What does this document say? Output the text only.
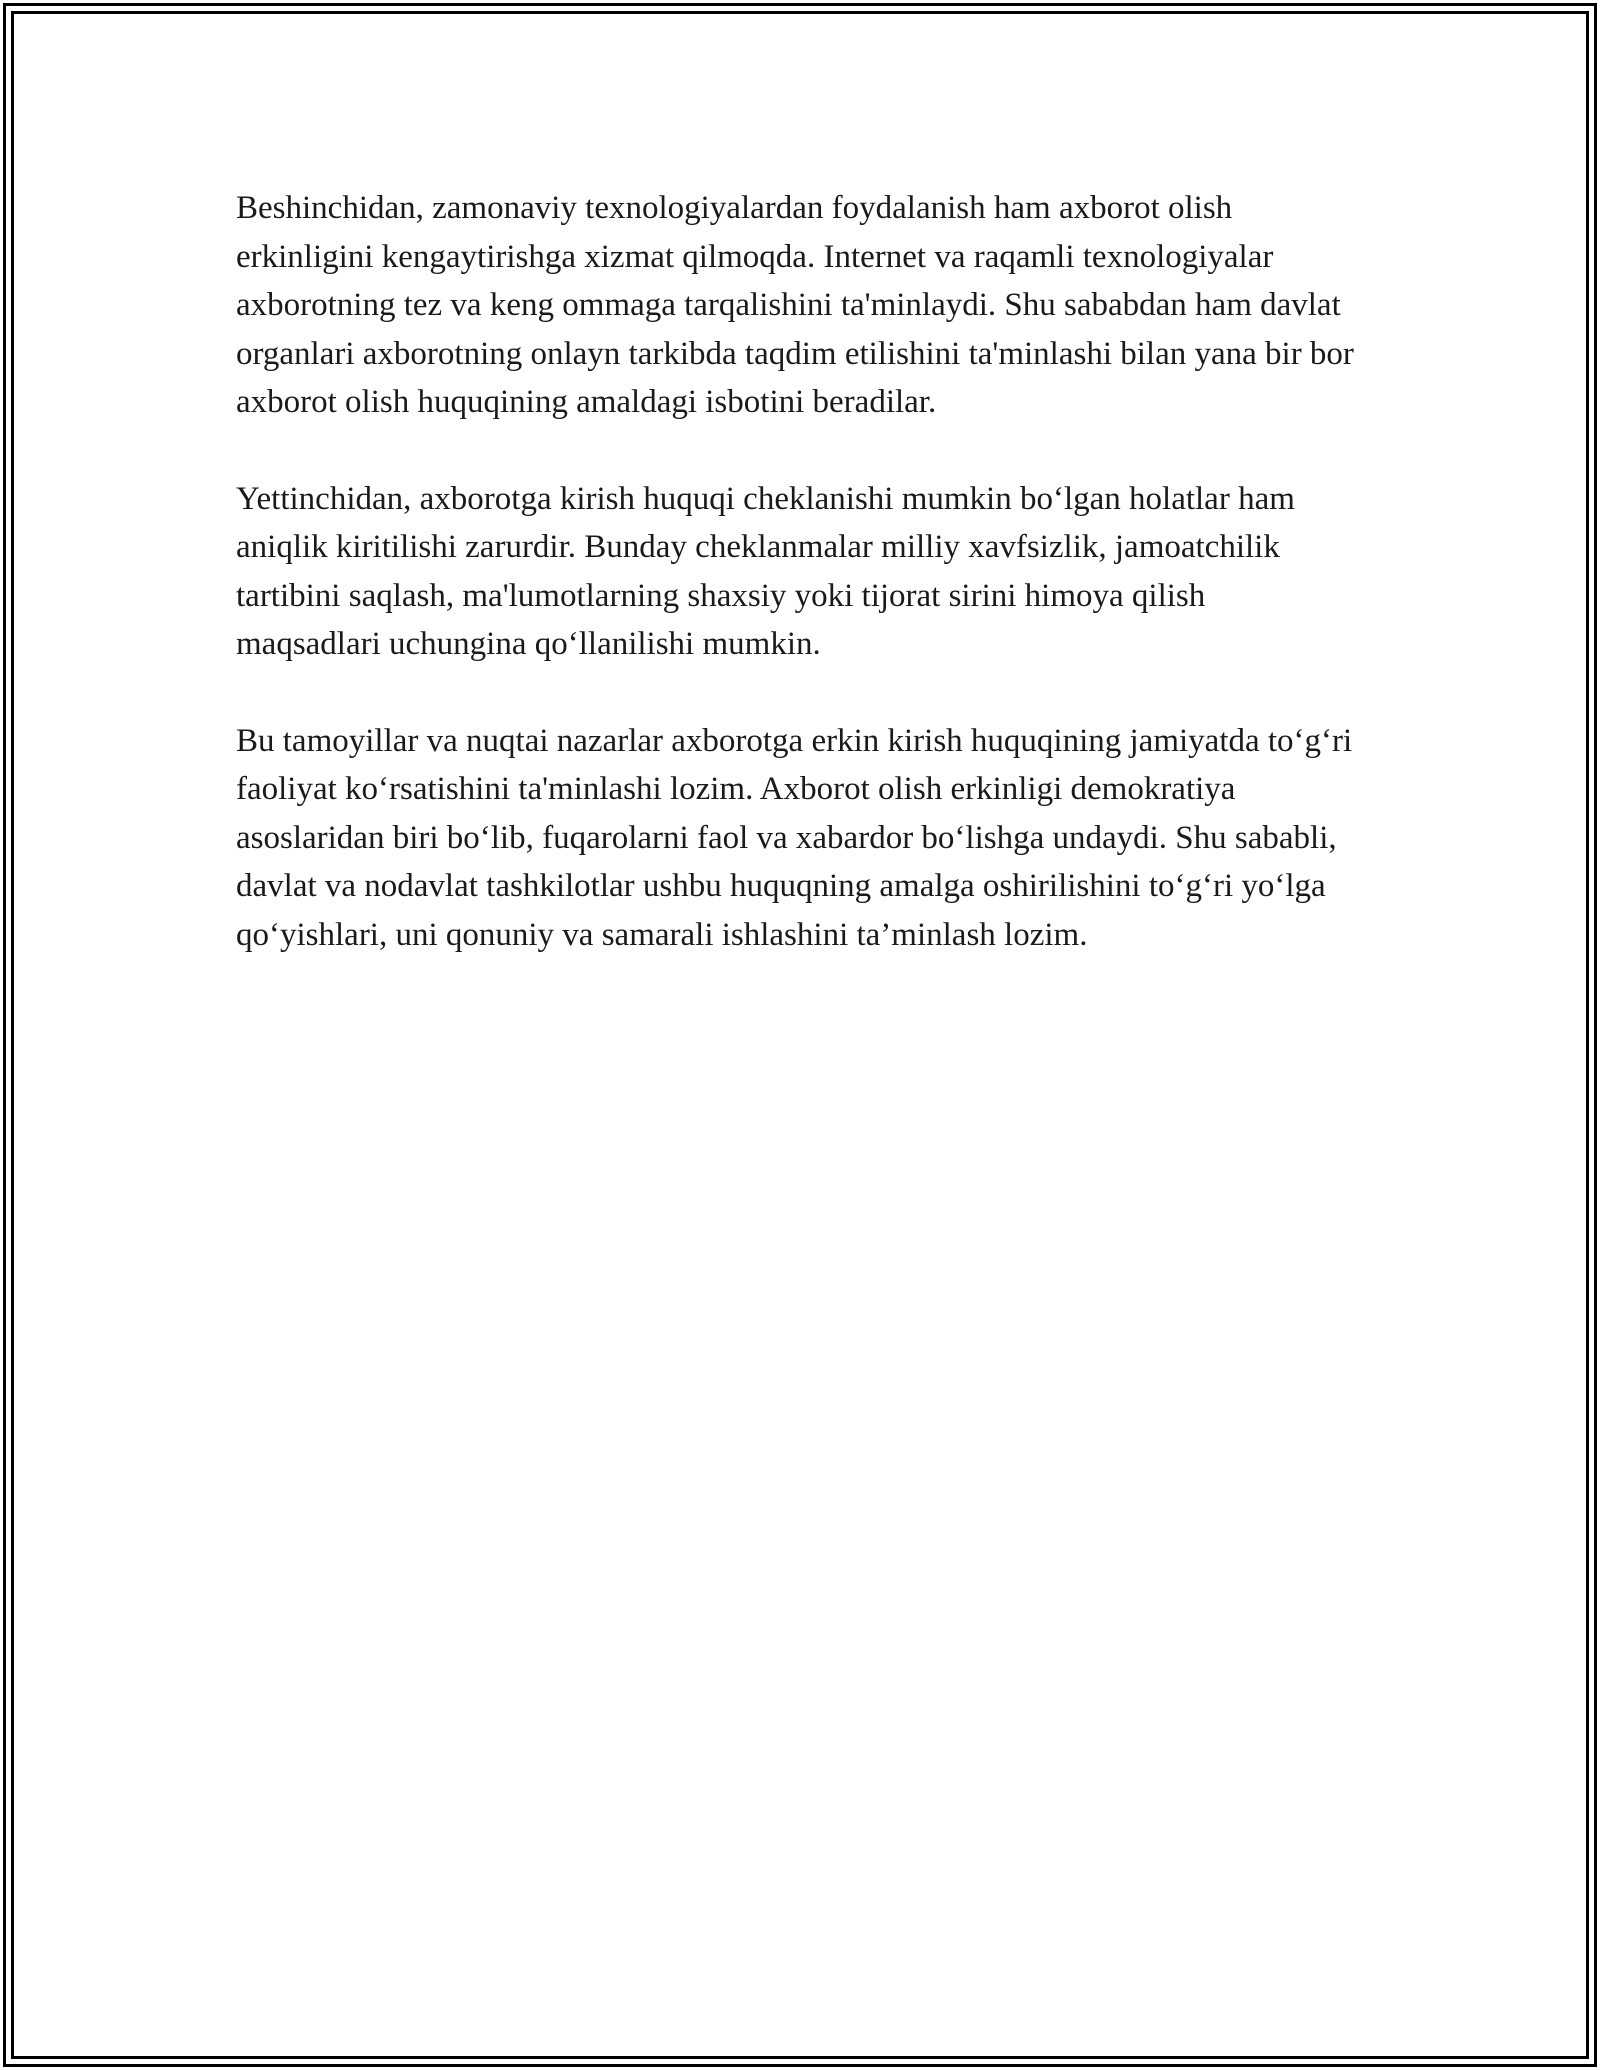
Beshinchidan, zamonaviy texnologiyalardan foydalanish ham axborot olish erkinligini kengaytirishga xizmat qilmoqda. Internet va raqamli texnologiyalar axborotning tez va keng ommaga tarqalishini ta'minlaydi. Shu sababdan ham davlat organlari axborotning onlayn tarkibda taqdim etilishini ta'minlashi bilan yana bir bor axborot olish huquqining amaldagi isbotini beradilar.

Yettinchidan, axborotga kirish huquqi cheklanishi mumkin bo‘lgan holatlar ham aniqlik kiritilishi zarurdir. Bunday cheklanmalar milliy xavfsizlik, jamoatchilik tartibini saqlash, ma'lumotlarning shaxsiy yoki tijorat sirini himoya qilish maqsadlari uchungina qo‘llanilishi mumkin.

Bu tamoyillar va nuqtai nazarlar axborotga erkin kirish huquqining jamiyatda to‘g‘ri faoliyat ko‘rsatishini ta'minlashi lozim. Axborot olish erkinligi demokratiya asoslaridan biri bo‘lib, fuqarolarni faol va xabardor bo‘lishga undaydi. Shu sababli, davlat va nodavlat tashkilotlar ushbu huquqning amalga oshirilishini to‘g‘ri yo‘lga qo‘yishlari, uni qonuniy va samarali ishlashini ta’minlash lozim.
